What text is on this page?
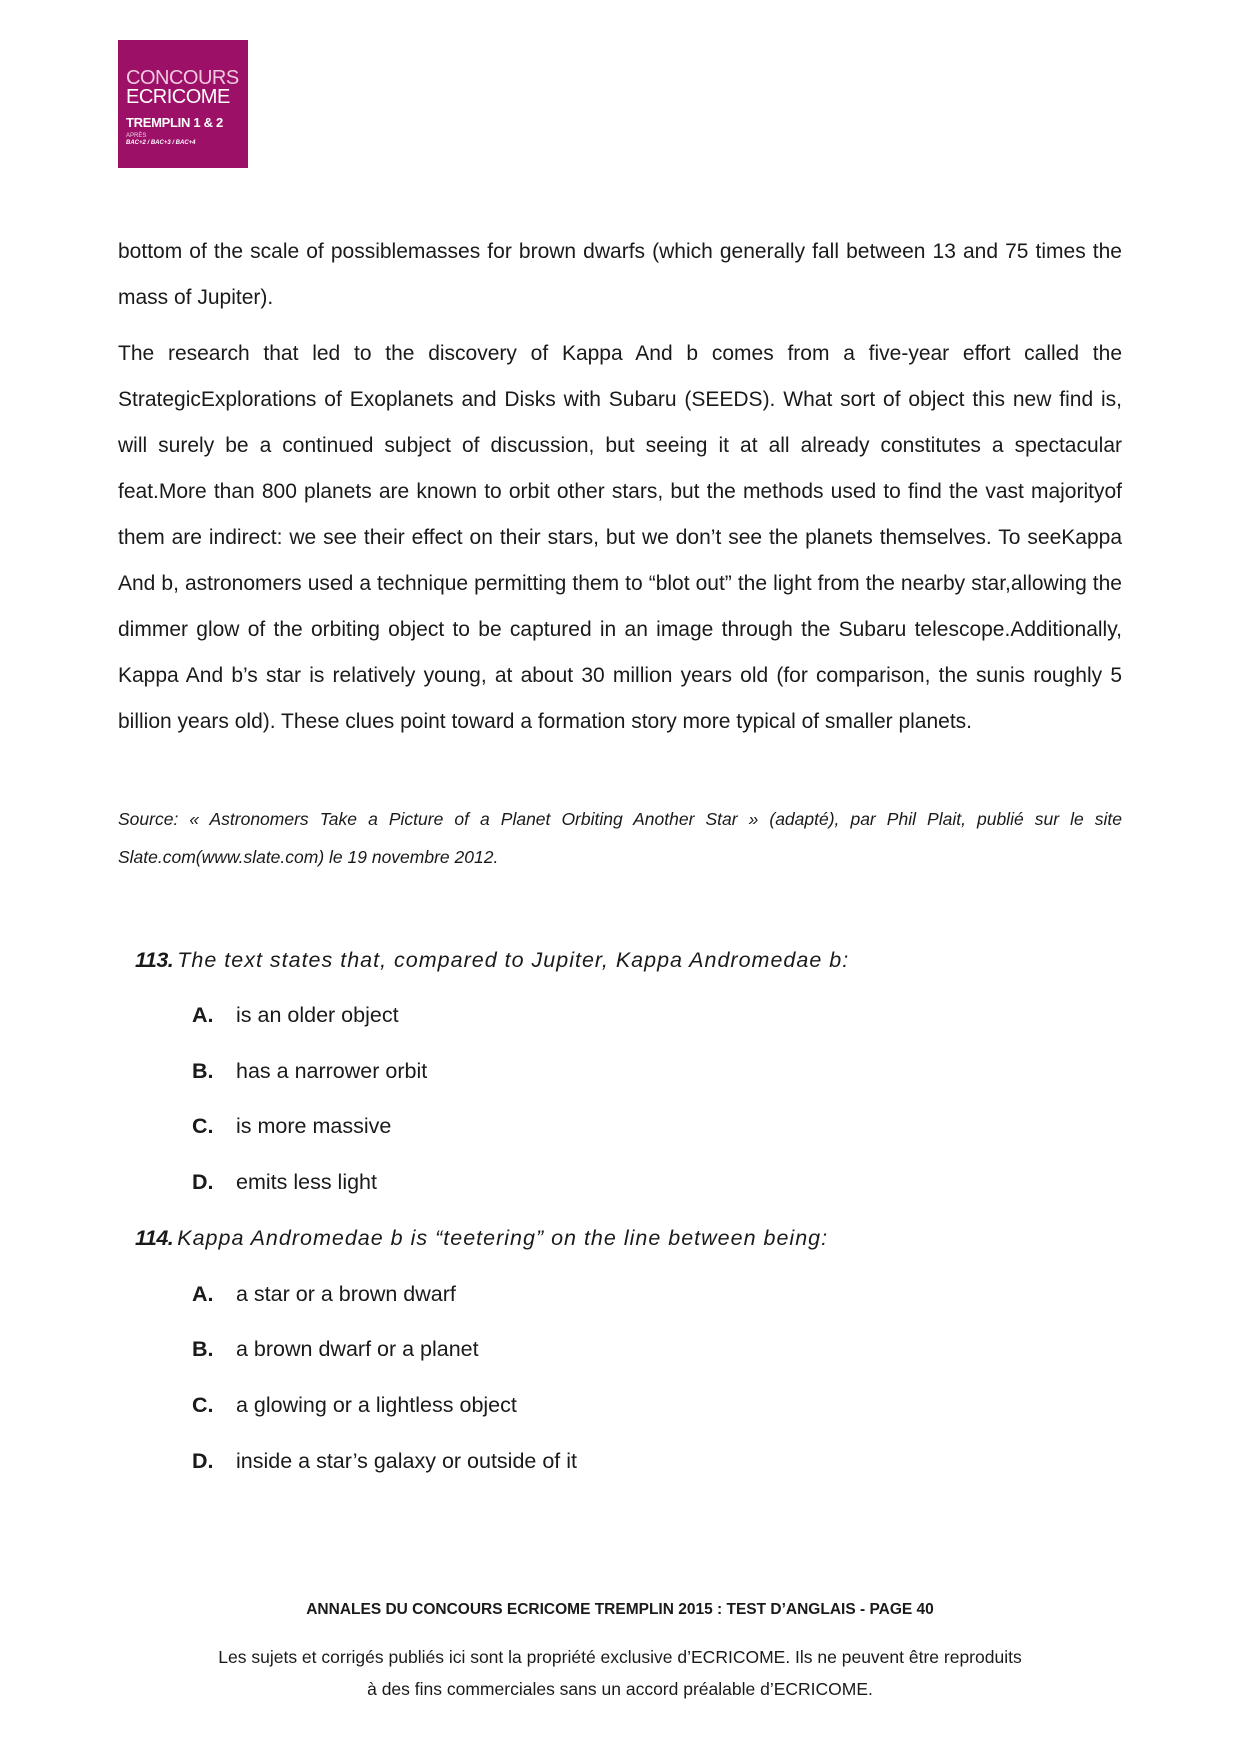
CONCOURS
ECRICOME
TREMPLIN 1 & 2
APRÈS
BAC+2 / BAC+3 / BAC+4

bottom of the scale of possiblemasses for brown dwarfs (which generally fall between 13 and 75 times the mass of Jupiter).

The research that led to the discovery of Kappa And b comes from a five-year effort called the StrategicExplorations of Exoplanets and Disks with Subaru (SEEDS). What sort of object this new find is, will surely be a continued subject of discussion, but seeing it at all already constitutes a spectacular feat.More than 800 planets are known to orbit other stars, but the methods used to find the vast majorityof them are indirect: we see their effect on their stars, but we don’t see the planets themselves. To seeKappa And b, astronomers used a technique permitting them to “blot out” the light from the nearby star,allowing the dimmer glow of the orbiting object to be captured in an image through the Subaru telescope.Additionally, Kappa And b’s star is relatively young, at about 30 million years old (for comparison, the sunis roughly 5 billion years old). These clues point toward a formation story more typical of smaller planets.

Source: « Astronomers Take a Picture of a Planet Orbiting Another Star » (adapté), par Phil Plait, publié sur le site Slate.com(www.slate.com) le 19 novembre 2012.

113. The text states that, compared to Jupiter, Kappa Andromedae b:
A. is an older object
B. has a narrower orbit
C. is more massive
D. emits less light
114. Kappa Andromedae b is “teetering” on the line between being:
A. a star or a brown dwarf
B. a brown dwarf or a planet
C. a glowing or a lightless object
D. inside a star’s galaxy or outside of it
ANNALES DU CONCOURS ECRICOME TREMPLIN 2015 : TEST D’ANGLAIS - PAGE 40
Les sujets et corrigés publiés ici sont la propriété exclusive d’ECRICOME. Ils ne peuvent être reproduits
à des fins commerciales sans un accord préalable d’ECRICOME.
